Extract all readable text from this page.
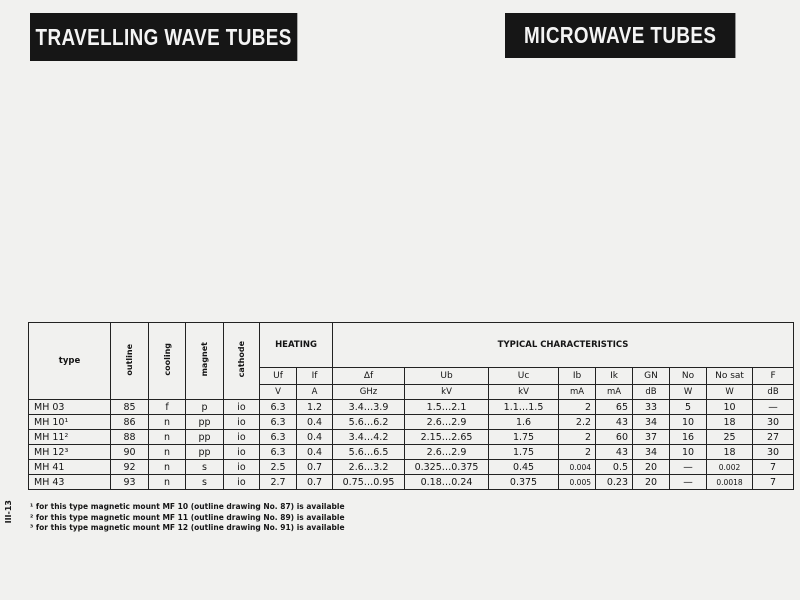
TRAVELLING WAVE TUBES	MICROWAVE TUBES
type	outline	cooling	magnet	cathode	HEATING		TYPICAL CHARACTERISTICS								
					Uf	If	Δf	Ub	Uc	Ib	Ik	GN	No	No sat	F
					V	A	GHz	kV	kV	mA	mA	dB	W	W	dB
MH 03	85	f	p	io	6.3	1.2	3.4…3.9	1.5…2.1	1.1…1.5	2	65	33	5	10	—
MH 10¹	86	n	pp	io	6.3	0.4	5.6…6.2	2.6…2.9	1.6	2.2	43	34	10	18	30
MH 11²	88	n	pp	io	6.3	0.4	3.4…4.2	2.15…2.65	1.75	2	60	37	16	25	27
MH 12³	90	n	pp	io	6.3	0.4	5.6…6.5	2.6…2.9	1.75	2	43	34	10	18	30
MH 41	92	n	s	io	2.5	0.7	2.6…3.2	0.325…0.375	0.45	0.004	0.5	20	—	0.002	7
MH 43	93	n	s	io	2.7	0.7	0.75…0.95	0.18…0.24	0.375	0.005	0.23	20	—	0.0018	7
¹ for this type magnetic mount MF 10 (outline drawing No. 87) is available
² for this type magnetic mount MF 11 (outline drawing No. 89) is available
³ for this type magnetic mount MF 12 (outline drawing No. 91) is available
III-13
